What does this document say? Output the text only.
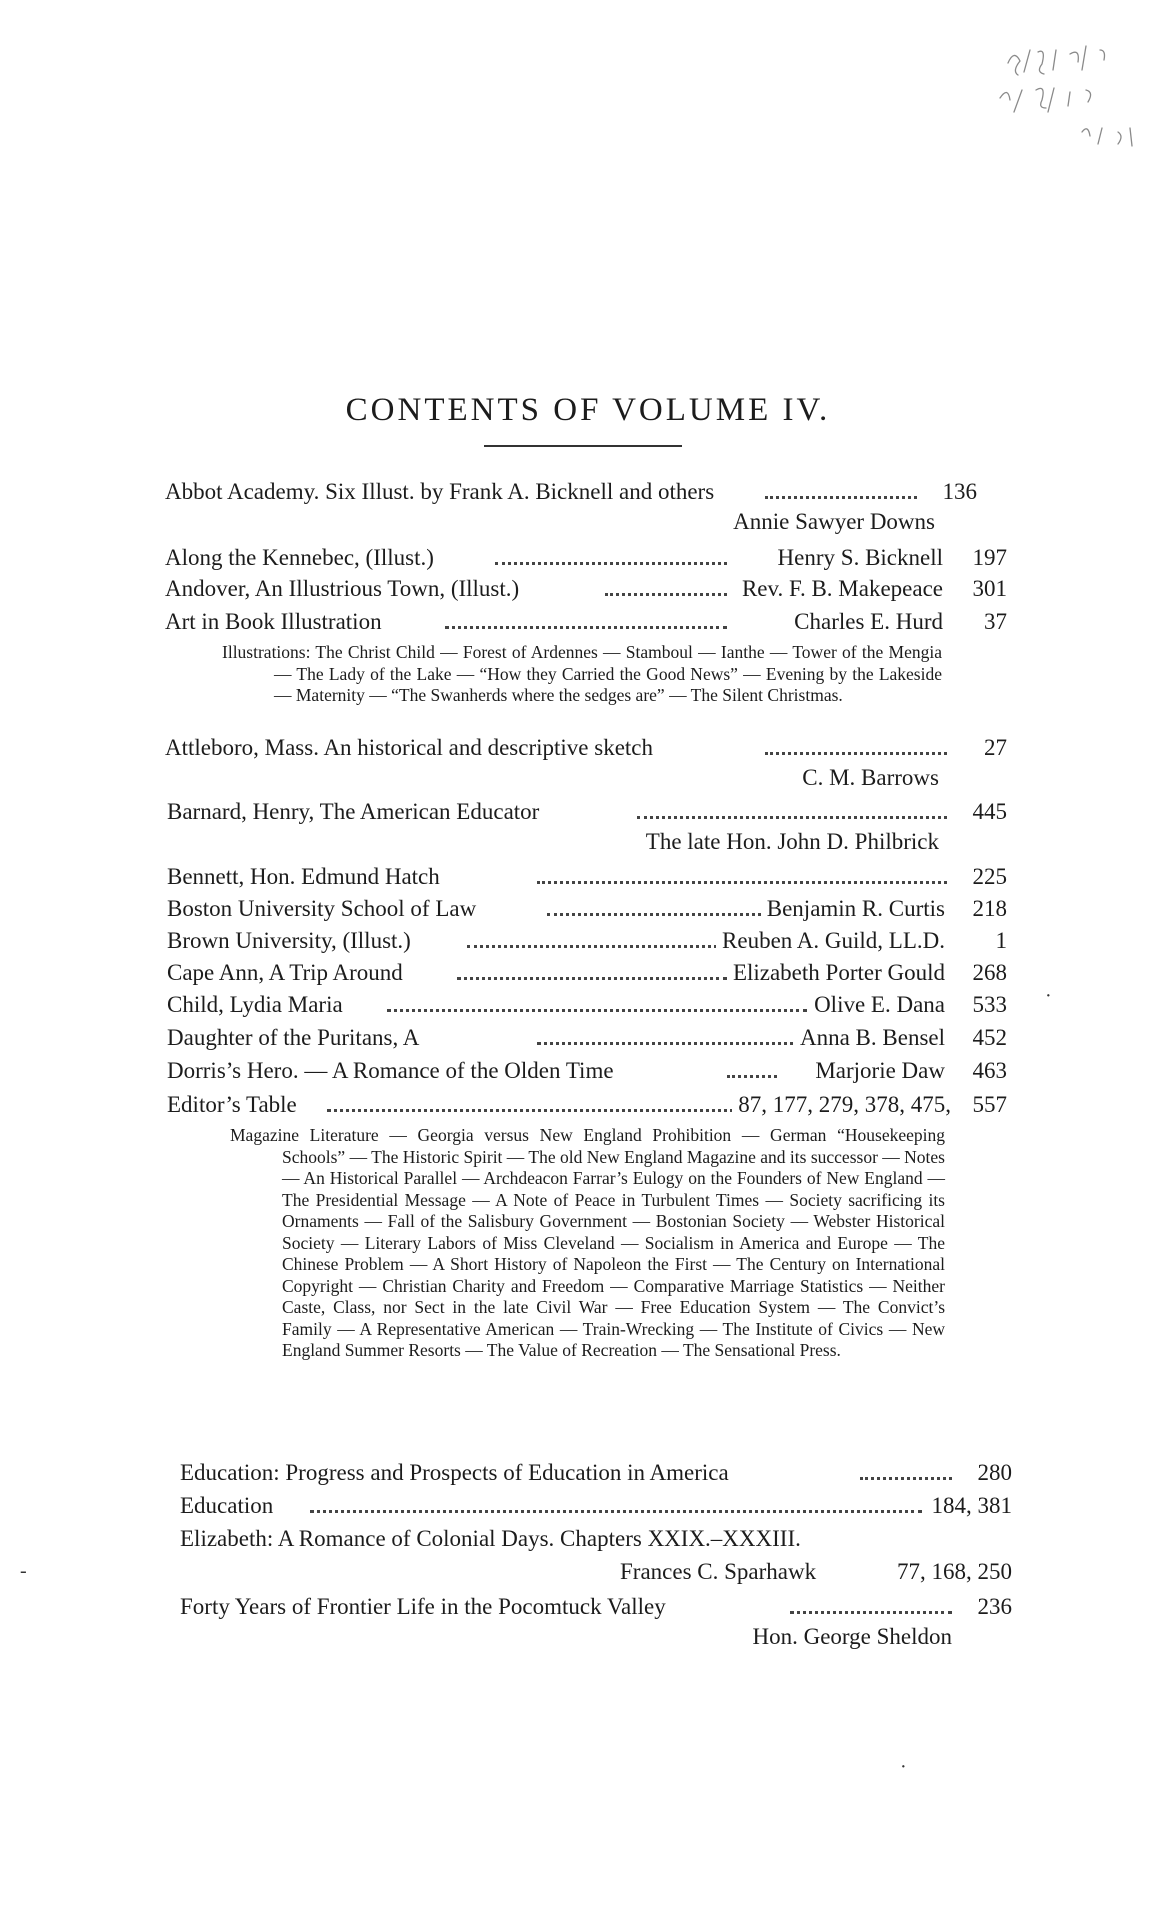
CONTENTS OF VOLUME IV.
Abbot Academy. Six Illust. by Frank A. Bicknell and others	136
Annie Sawyer Downs
Along the Kennebec, (Illust.)	Henry S. Bicknell 197
Andover, An Illustrious Town, (Illust.)	Rev. F. B. Makepeace 301
Art in Book Illustration	Charles E. Hurd 37
Illustrations: The Christ Child — Forest of Ardennes — Stamboul — Ianthe — Tower of the Mengia — The Lady of the Lake — “How they Carried the Good News” — Evening by the Lakeside — Maternity — “The Swanherds where the sedges are” — The Silent Christmas.
Attleboro, Mass. An historical and descriptive sketch	27
C. M. Barrows
Barnard, Henry, The American Educator	445
The late Hon. John D. Philbrick
Bennett, Hon. Edmund Hatch	225
Boston University School of Law	Benjamin R. Curtis 218
Brown University, (Illust.)	Reuben A. Guild, LL.D. 1
Cape Ann, A Trip Around	Elizabeth Porter Gould 268
Child, Lydia Maria	Olive E. Dana 533
Daughter of the Puritans, A	Anna B. Bensel 452
Dorris’s Hero. — A Romance of the Olden Time	Marjorie Daw 463
Editor’s Table	87, 177, 279, 378, 475, 557
Magazine Literature — Georgia versus New England Prohibition — German “Housekeeping Schools” — The Historic Spirit — The old New England Magazine and its successor — Notes — An Historical Parallel — Archdeacon Farrar’s Eulogy on the Founders of New England — The Presidential Message — A Note of Peace in Turbulent Times — Society sacrificing its Ornaments — Fall of the Salisbury Government — Bostonian Society — Webster Historical Society — Literary Labors of Miss Cleveland — Socialism in America and Europe — The Chinese Problem — A Short History of Napoleon the First — The Century on International Copyright — Christian Charity and Freedom — Comparative Marriage Statistics — Neither Caste, Class, nor Sect in the late Civil War — Free Education System — The Convict’s Family — A Representative American — Train-Wrecking — The Institute of Civics — New England Summer Resorts — The Value of Recreation — The Sensational Press.
Education: Progress and Prospects of Education in America	280
Education	184, 381
Elizabeth: A Romance of Colonial Days. Chapters XXIX.–XXXIII.
Frances C. Sparhawk	77, 168, 250
Forty Years of Frontier Life in the Pocomtuck Valley	236
Hon. George Sheldon
·
-
·
